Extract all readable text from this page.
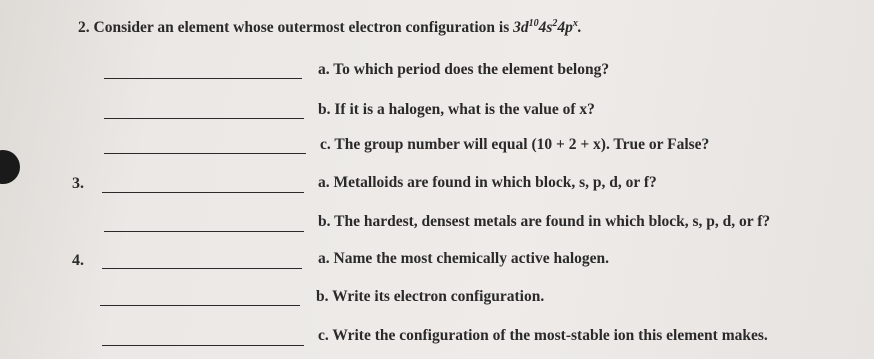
2. Consider an element whose outermost electron configuration is $3d^{10}4s^24p^x$.
a. To which period does the element belong?
b. If it is a halogen, what is the value of x?
c. The group number will equal (10 + 2 + x). True or False?
3.	a. Metalloids are found in which block, s, p, d, or f?
b. The hardest, densest metals are found in which block, s, p, d, or f?
4.	a. Name the most chemically active halogen.
b. Write its electron configuration.
c. Write the configuration of the most-stable ion this element makes.
